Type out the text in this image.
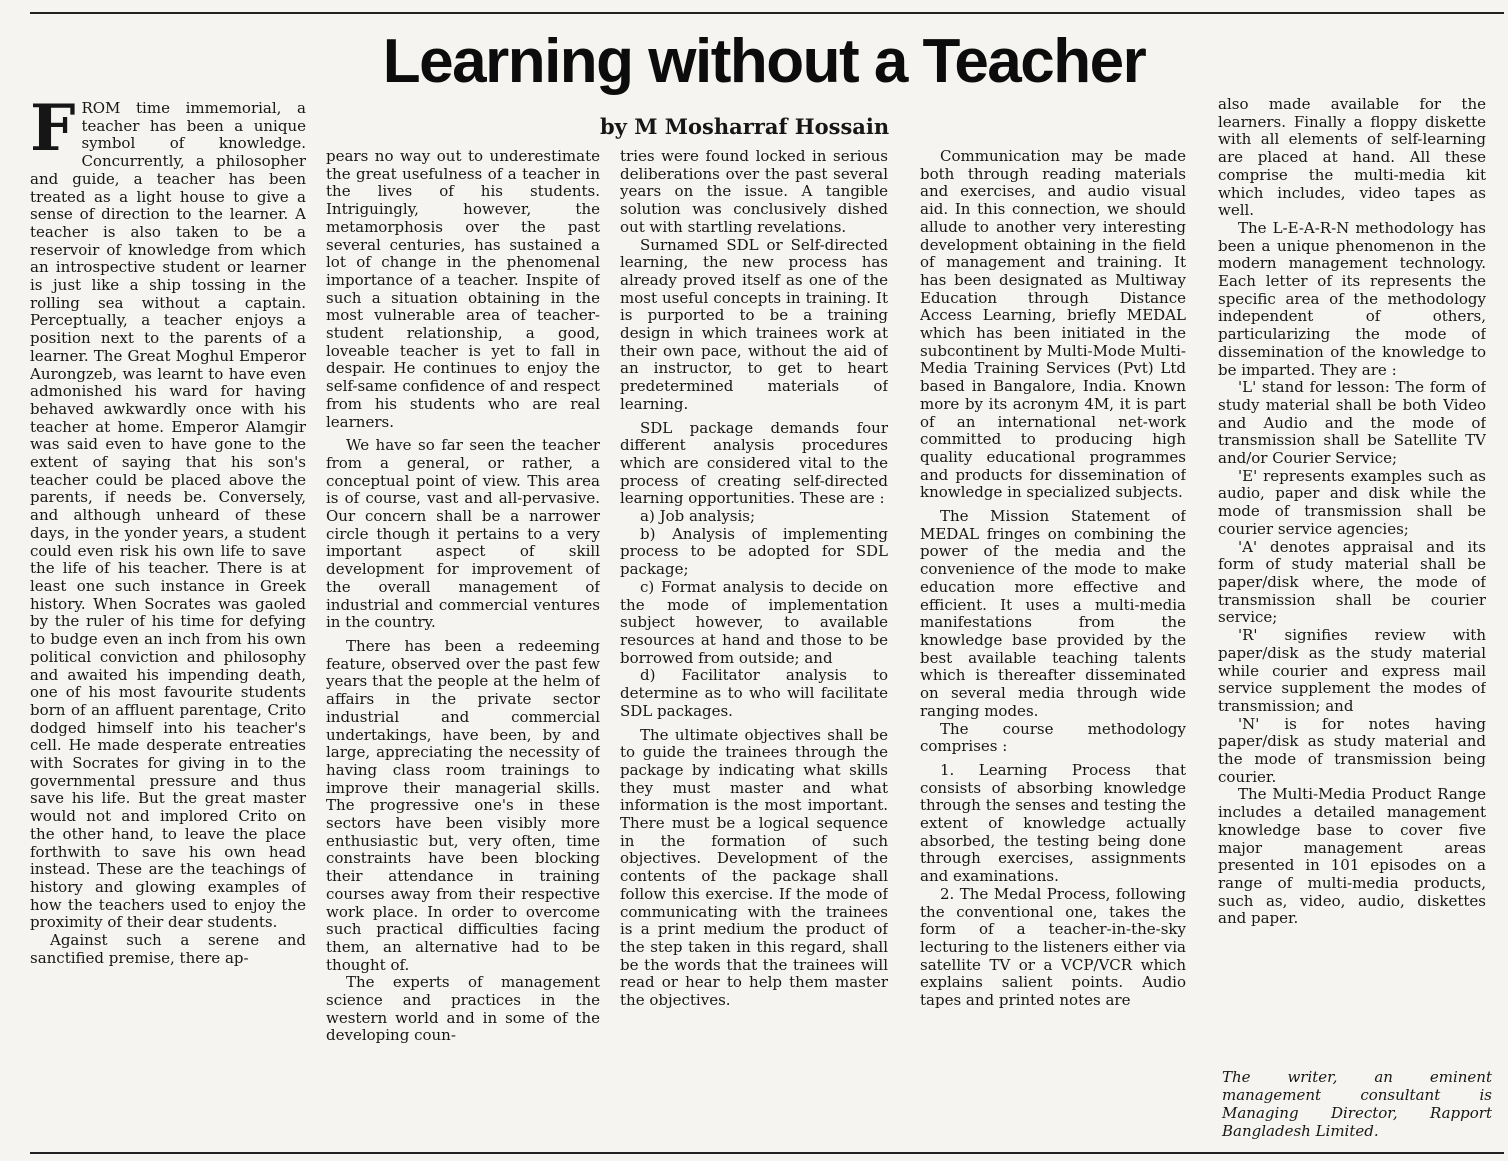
Learning without a Teacher
by M Mosharraf Hossain

FROM time immemorial, a teacher has been a unique symbol of knowledge. Concurrently, a philosopher and guide, a teacher has been treated as a light house to give a sense of direction to the learner. A teacher is also taken to be a reservoir of knowledge from which an introspective student or learner is just like a ship tossing in the rolling sea without a captain. Perceptually, a teacher enjoys a position next to the parents of a learner. The Great Moghul Emperor Aurongzeb, was learnt to have even admonished his ward for having behaved awkwardly once with his teacher at home. Emperor Alamgir was said even to have gone to the extent of saying that his son's teacher could be placed above the parents, if needs be. Conversely, and although unheard of these days, in the yonder years, a student could even risk his own life to save the life of his teacher. There is at least one such instance in Greek history. When Socrates was gaoled by the ruler of his time for defying to budge even an inch from his own political conviction and philosophy and awaited his impending death, one of his most favourite students born of an affluent parentage, Crito dodged himself into his teacher's cell. He made desperate entreaties with Socrates for giving in to the governmental pressure and thus save his life. But the great master would not and implored Crito on the other hand, to leave the place forthwith to save his own head instead. These are the teachings of history and glowing examples of how the teachers used to enjoy the proximity of their dear students.

Against such a serene and sanctified premise, there ap-

pears no way out to underestimate the great usefulness of a teacher in the lives of his students. Intriguingly, however, the metamorphosis over the past several centuries, has sustained a lot of change in the phenomenal importance of a teacher. Inspite of such a situation obtaining in the most vulnerable area of teacher-student relationship, a good, loveable teacher is yet to fall in despair. He continues to enjoy the self-same confidence of and respect from his students who are real learners.

We have so far seen the teacher from a general, or rather, a conceptual point of view. This area is of course, vast and all-pervasive. Our concern shall be a narrower circle though it pertains to a very important aspect of skill development for improvement of the overall management of industrial and commercial ventures in the country.

There has been a redeeming feature, observed over the past few years that the people at the helm of affairs in the private sector industrial and commercial undertakings, have been, by and large, appreciating the necessity of having class room trainings to improve their managerial skills. The progressive one's in these sectors have been visibly more enthusiastic but, very often, time constraints have been blocking their attendance in training courses away from their respective work place. In order to overcome such practical difficulties facing them, an alternative had to be thought of.

The experts of management science and practices in the western world and in some of the developing coun-

tries were found locked in serious deliberations over the past several years on the issue. A tangible solution was conclusively dished out with startling revelations.

Surnamed SDL or Self-directed learning, the new process has already proved itself as one of the most useful concepts in training. It is purported to be a training design in which trainees work at their own pace, without the aid of an instructor, to get to heart predetermined materials of learning.

SDL package demands four different analysis procedures which are considered vital to the process of creating self-directed learning opportunities. These are :

a) Job analysis;

b) Analysis of implementing process to be adopted for SDL package;

c) Format analysis to decide on the mode of implementation subject however, to available resources at hand and those to be borrowed from outside; and

d) Facilitator analysis to determine as to who will facilitate SDL packages.

The ultimate objectives shall be to guide the trainees through the package by indicating what skills they must master and what information is the most important. There must be a logical sequence in the formation of such objectives. Development of the contents of the package shall follow this exercise. If the mode of communicating with the trainees is a print medium the product of the step taken in this regard, shall be the words that the trainees will read or hear to help them master the objectives.

Communication may be made both through reading materials and exercises, and audio visual aid. In this connection, we should allude to another very interesting development obtaining in the field of management and training. It has been designated as Multiway Education through Distance Access Learning, briefly MEDAL which has been initiated in the subcontinent by Multi-Mode Multi-Media Training Services (Pvt) Ltd based in Bangalore, India. Known more by its acronym 4M, it is part of an international net-work committed to producing high quality educational programmes and products for dissemination of knowledge in specialized subjects.

The Mission Statement of MEDAL fringes on combining the power of the media and the convenience of the mode to make education more effective and efficient. It uses a multi-media manifestations from the knowledge base provided by the best available teaching talents which is thereafter disseminated on several media through wide ranging modes.

The course methodology comprises :

1. Learning Process that consists of absorbing knowledge through the senses and testing the extent of knowledge actually absorbed, the testing being done through exercises, assignments and examinations.

2. The Medal Process, following the conventional one, takes the form of a teacher-in-the-sky lecturing to the listeners either via satellite TV or a VCP/VCR which explains salient points. Audio tapes and printed notes are

also made available for the learners. Finally a floppy diskette with all elements of self-learning are placed at hand. All these comprise the multi-media kit which includes, video tapes as well.

The L-E-A-R-N methodology has been a unique phenomenon in the modern management technology. Each letter of its represents the specific area of the methodology independent of others, particularizing the mode of dissemination of the knowledge to be imparted. They are :

'L' stand for lesson: The form of study material shall be both Video and Audio and the mode of transmission shall be Satellite TV and/or Courier Service;

'E' represents examples such as audio, paper and disk while the mode of transmission shall be courier service agencies;

'A' denotes appraisal and its form of study material shall be paper/disk where, the mode of transmission shall be courier service;

'R' signifies review with paper/disk as the study material while courier and express mail service supplement the modes of transmission; and

'N' is for notes having paper/disk as study material and the mode of transmission being courier.

The Multi-Media Product Range includes a detailed management knowledge base to cover five major management areas presented in 101 episodes on a range of multi-media products, such as, video, audio, diskettes and paper.

The writer, an eminent management consultant is Managing Director, Rapport Bangladesh Limited.
